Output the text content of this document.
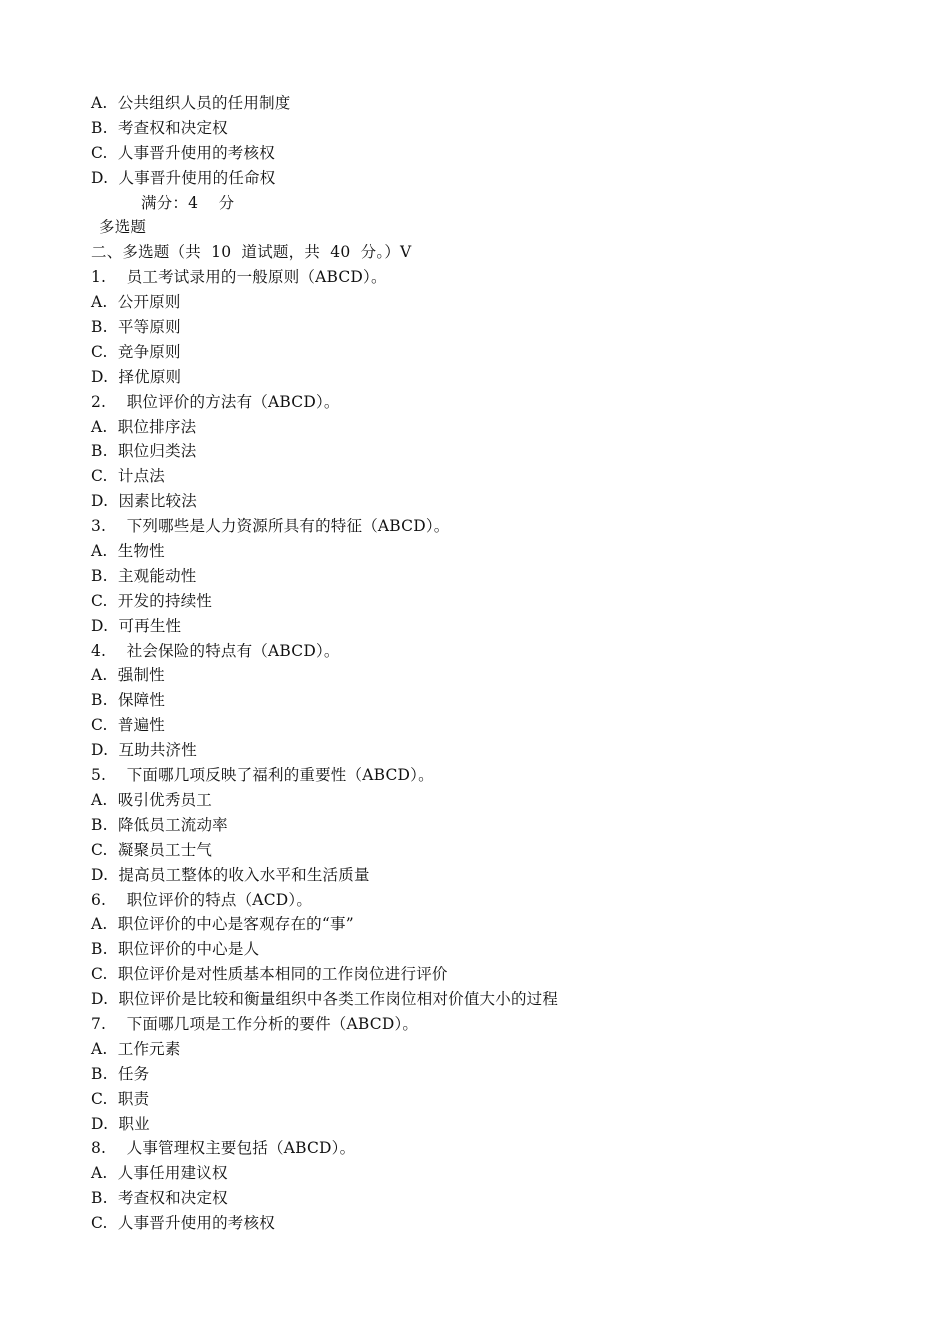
A.  公共组织人员的任用制度
B.  考查权和决定权
C.  人事晋升使用的考核权
D.  人事晋升使用的任命权
满分：4    分
多选题
二、多选题（共  10  道试题，共  40  分。）V
1.    员工考试录用的一般原则（ABCD）。
A.  公开原则
B.  平等原则
C.  竞争原则
D.  择优原则
2.    职位评价的方法有（ABCD）。
A.  职位排序法
B.  职位归类法
C.  计点法
D.  因素比较法
3.    下列哪些是人力资源所具有的特征（ABCD）。
A.  生物性
B.  主观能动性
C.  开发的持续性
D.  可再生性
4.    社会保险的特点有（ABCD）。
A.  强制性
B.  保障性
C.  普遍性
D.  互助共济性
5.    下面哪几项反映了福利的重要性（ABCD）。
A.  吸引优秀员工
B.  降低员工流动率
C.  凝聚员工士气
D.  提高员工整体的收入水平和生活质量
6.    职位评价的特点（ACD）。
A.  职位评价的中心是客观存在的“事”
B.  职位评价的中心是人
C.  职位评价是对性质基本相同的工作岗位进行评价
D.  职位评价是比较和衡量组织中各类工作岗位相对价值大小的过程
7.    下面哪几项是工作分析的要件（ABCD）。
A.  工作元素
B.  任务
C.  职责
D.  职业
8.    人事管理权主要包括（ABCD）。
A.  人事任用建议权
B.  考查权和决定权
C.  人事晋升使用的考核权
